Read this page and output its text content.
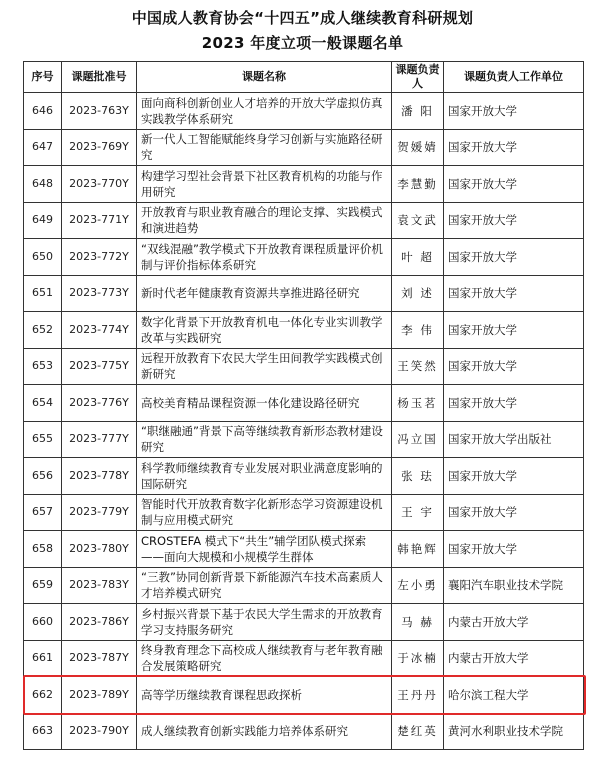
中国成人教育协会“十四五”成人继续教育科研规划
2023 年度立项一般课题名单
序号	课题批准号	课题名称	课题负责人	课题负责人工作单位
646	2023-763Y	面向商科创新创业人才培养的开放大学虚拟仿真实践教学体系研究	潘 阳	国家开放大学
647	2023-769Y	新一代人工智能赋能终身学习创新与实施路径研究	贺媛婧	国家开放大学
648	2023-770Y	构建学习型社会背景下社区教育机构的功能与作用研究	李慧勤	国家开放大学
649	2023-771Y	开放教育与职业教育融合的理论支撑、实践模式和演进趋势	袁文武	国家开放大学
650	2023-772Y	“双线混融”教学模式下开放教育课程质量评价机制与评价指标体系研究	叶 超	国家开放大学
651	2023-773Y	新时代老年健康教育资源共享推进路径研究	刘 述	国家开放大学
652	2023-774Y	数字化背景下开放教育机电一体化专业实训教学改革与实践研究	李 伟	国家开放大学
653	2023-775Y	远程开放教育下农民大学生田间教学实践模式创新研究	王笑然	国家开放大学
654	2023-776Y	高校美育精品课程资源一体化建设路径研究	杨玉茗	国家开放大学
655	2023-777Y	“职继融通”背景下高等继续教育新形态教材建设研究	冯立国	国家开放大学出版社
656	2023-778Y	科学教师继续教育专业发展对职业满意度影响的国际研究	张 珐	国家开放大学
657	2023-779Y	智能时代开放教育数字化新形态学习资源建设机制与应用模式研究	王 宇	国家开放大学
658	2023-780Y	CROSTEFA 模式下“共生”辅学团队模式探索——面向大规模和小规模学生群体	韩艳辉	国家开放大学
659	2023-783Y	“三教”协同创新背景下新能源汽车技术高素质人才培养模式研究	左小勇	襄阳汽车职业技术学院
660	2023-786Y	乡村振兴背景下基于农民大学生需求的开放教育学习支持服务研究	马 赫	内蒙古开放大学
661	2023-787Y	终身教育理念下高校成人继续教育与老年教育融合发展策略研究	于冰楠	内蒙古开放大学
662	2023-789Y	高等学历继续教育课程思政探析	王丹丹	哈尔滨工程大学
663	2023-790Y	成人继续教育创新实践能力培养体系研究	楚红英	黄河水利职业技术学院
